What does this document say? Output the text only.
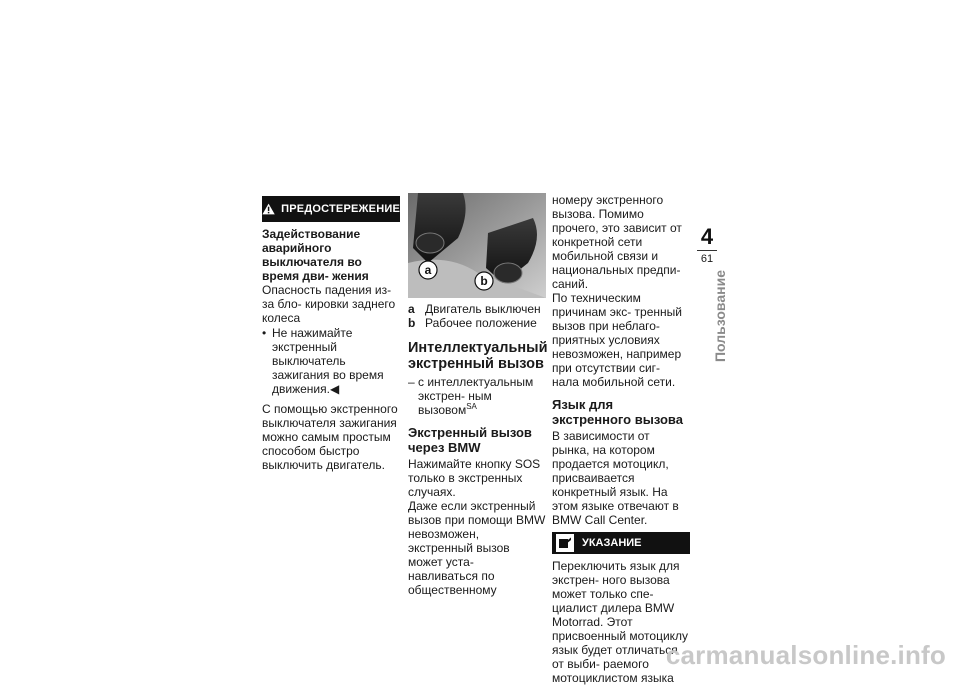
ПРЕДОСТЕРЕЖЕНИЕ
Задействование аварийного выключателя во время дви- жения

Опасность падения из-за бло- кировки заднего колеса

• Не нажимайте экстренный выключатель зажигания во время движения.◀

С помощью экстренного выключателя зажигания можно самым простым способом быстро выключить двигатель.

a
b
a Двигатель выключен
b Рабочее положение
Интеллектуальный экстренный вызов
– с интеллектуальным экстрен- ным вызовом$^{SA}$
Экстренный вызов через BMW

Нажимайте кнопку SOS только в экстренных случаях.

Даже если экстренный вызов при помощи BMW невозможен, экстренный вызов может уста- навливаться по общественному

номеру экстренного вызова. Помимо прочего, это зависит от конкретной сети мобильной связи и национальных предпи- саний.

По техническим причинам экс- тренный вызов при неблаго- приятных условиях невозможен, например при отсутствии сиг- нала мобильной сети.

Язык для экстренного вызова

В зависимости от рынка, на котором продается мотоцикл, присваивается конкретный язык. На этом языке отвечают в BMW Call Center.

УКАЗАНИЕ

Переключить язык для экстрен- ного вызова может только спе- циалист дилера BMW Motorrad. Этот присвоенный мотоциклу язык будет отличаться от выби- раемого мотоциклистом языка

4
61
Пользование
carmanualsonline.info
